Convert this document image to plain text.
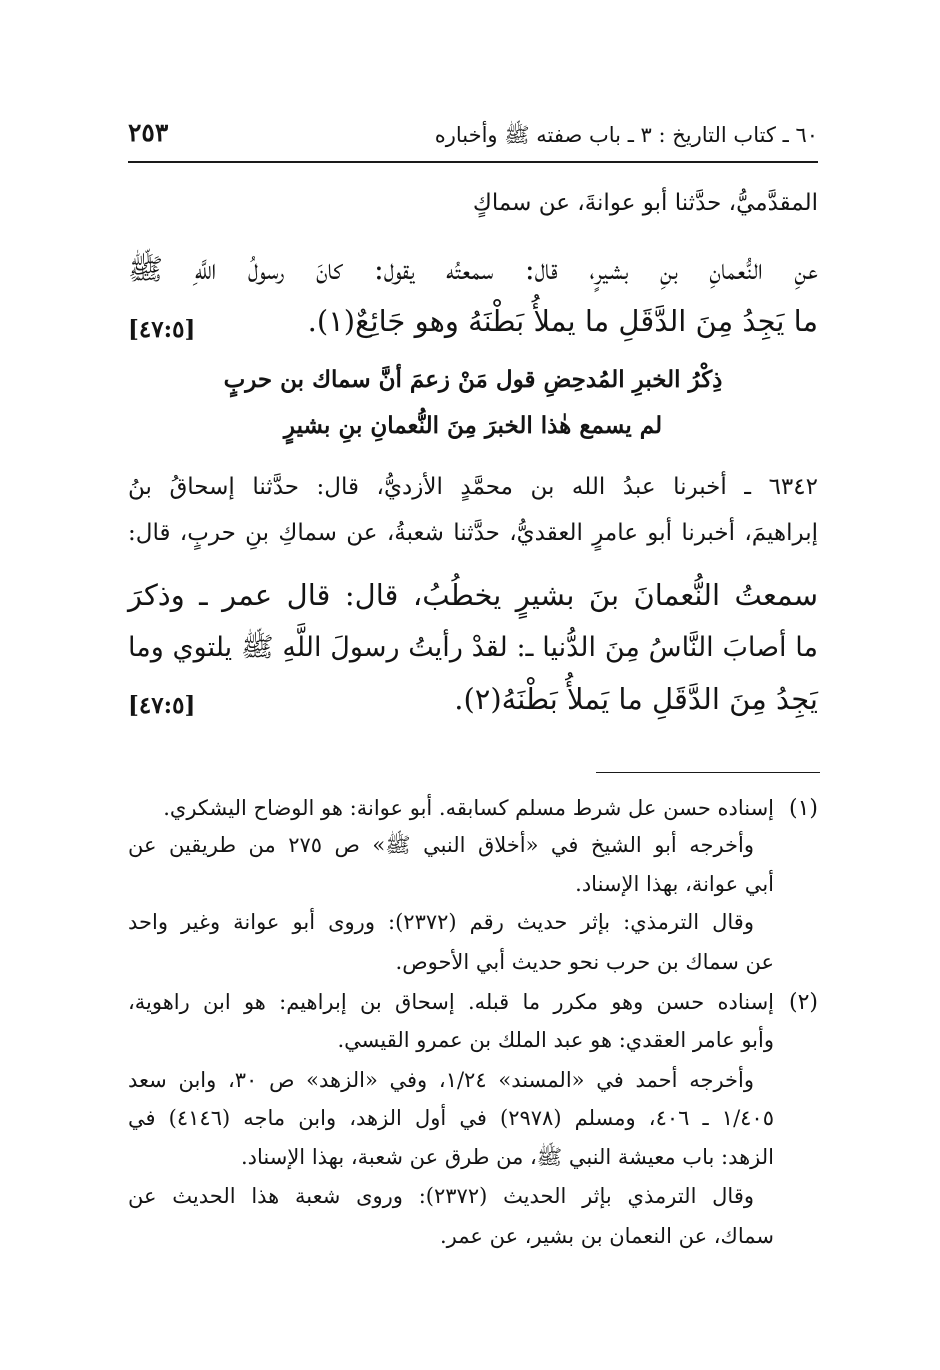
٦٠ ـ كتاب التاريخ : ٣ ـ باب صفته ﷺ وأخباره
٢٥٣
المقدَّميُّ، حدَّثنا أبو عوانةَ، عن سماكٍ
عنِ النُّعمانِ بنِ بشيرٍ، قال: سمعتُه يقول: كانَ رسولُ اللَّهِ ﷺ
ما يَجِدُ مِنَ الدَّقَلِ ما يملأُ بَطْنَهُ وهو جَائِعٌ(١).
[٤٧:٥]
ذِكْرُ الخبرِ المُدحِضِ قول مَنْ زعمَ أنَّ سماك بن حربٍ
لم يسمع هٰذا الخبرَ مِنَ النُّعمانِ بنِ بشيرٍ
٦٣٤٢ ـ أخبرنا عبدُ الله بن محمَّدٍ الأزديُّ، قال: حدَّثنا إسحاقُ بنُ
إبراهيمَ، أخبرنا أبو عامرٍ العقديُّ، حدَّثنا شعبةُ، عن سماكِ بنِ حربٍ، قال:
سمعتُ النُّعمانَ بنَ بشيرٍ يخطُبُ، قال: قال عمر ـ وذكرَ
ما أصابَ النَّاسُ مِنَ الدُّنيا ـ: لقدْ رأيتُ رسولَ اللَّهِ ﷺ يلتوي وما
يَجِدُ مِنَ الدَّقَلِ ما يَملأُ بَطْنَهُ(٢).
[٤٧:٥]
(١)
إسناده حسن عل شرط مسلم كسابقه. أبو عوانة: هو الوضاح اليشكري.
وأخرجه أبو الشيخ في «أخلاق النبي ﷺ» ص ٢٧٥ من طريقين عن
أبي عوانة، بهذا الإسناد.
وقال الترمذي: بإثر حديث رقم (٢٣٧٢): وروى أبو عوانة وغير واحد
عن سماك بن حرب نحو حديث أبي الأحوص.
(٢)
إسناده حسن وهو مكرر ما قبله. إسحاق بن إبراهيم: هو ابن راهوية،
وأبو عامر العقدي: هو عبد الملك بن عمرو القيسي.
وأخرجه أحمد في «المسند» ١/٢٤، وفي «الزهد» ص ٣٠، وابن سعد
١/٤٠٥ ـ ٤٠٦، ومسلم (٢٩٧٨) في أول الزهد، وابن ماجه (٤١٤٦) في
الزهد: باب معيشة النبي ﷺ، من طرق عن شعبة، بهذا الإسناد.
وقال الترمذي بإثر الحديث (٢٣٧٢): وروى شعبة هذا الحديث عن
سماك، عن النعمان بن بشير، عن عمر.
